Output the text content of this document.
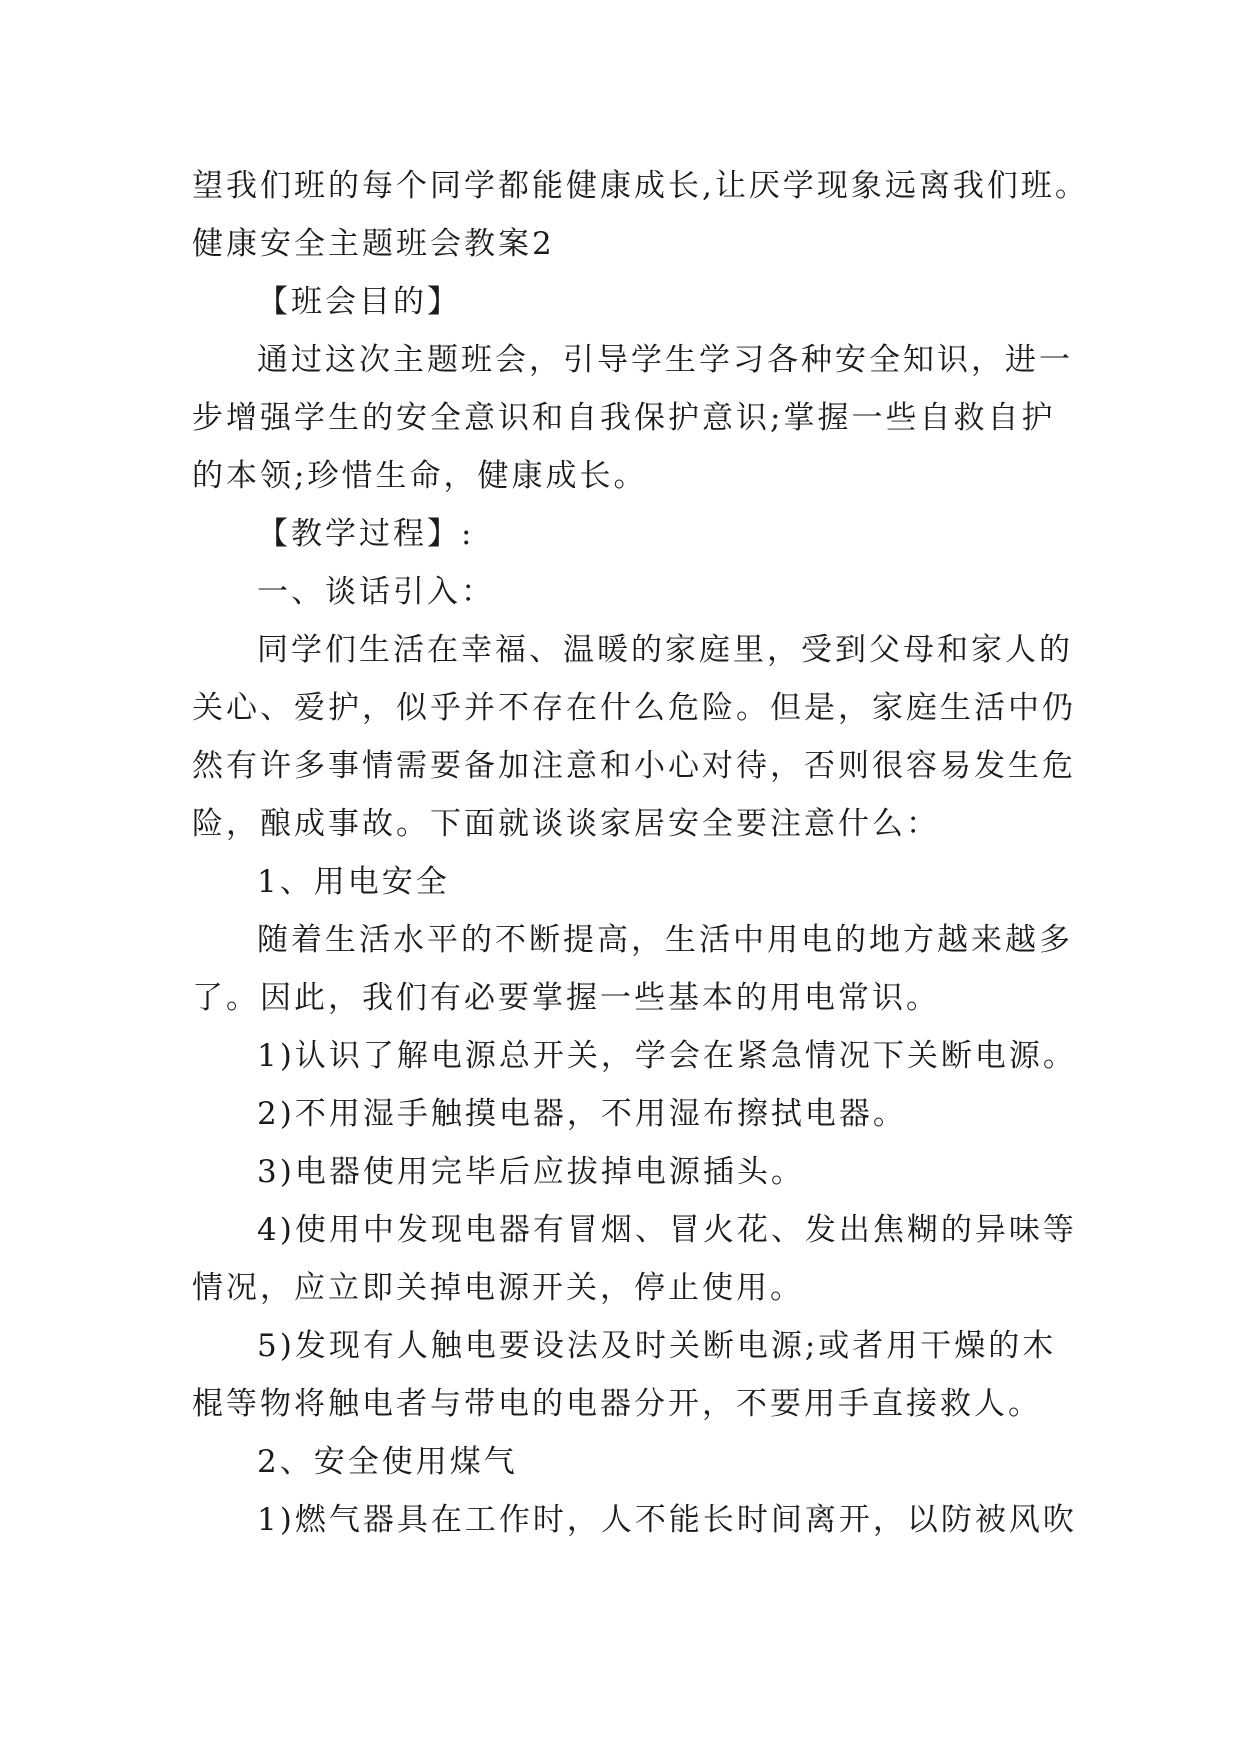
望我们班的每个同学都能健康成长,让厌学现象远离我们班。
健康安全主题班会教案2
【班会目的】
通过这次主题班会，引导学生学习各种安全知识，进一
步增强学生的安全意识和自我保护意识;掌握一些自救自护
的本领;珍惜生命，健康成长。
【教学过程】:
一、谈话引入：
同学们生活在幸福、温暖的家庭里，受到父母和家人的
关心、爱护，似乎并不存在什么危险。但是，家庭生活中仍
然有许多事情需要备加注意和小心对待，否则很容易发生危
险，酿成事故。下面就谈谈家居安全要注意什么：
1、用电安全
随着生活水平的不断提高，生活中用电的地方越来越多
了。因此，我们有必要掌握一些基本的用电常识。
1)认识了解电源总开关，学会在紧急情况下关断电源。
2)不用湿手触摸电器，不用湿布擦拭电器。
3)电器使用完毕后应拔掉电源插头。
4)使用中发现电器有冒烟、冒火花、发出焦糊的异味等
情况，应立即关掉电源开关，停止使用。
5)发现有人触电要设法及时关断电源;或者用干燥的木
棍等物将触电者与带电的电器分开，不要用手直接救人。
2、安全使用煤气
1)燃气器具在工作时，人不能长时间离开，以防被风吹
